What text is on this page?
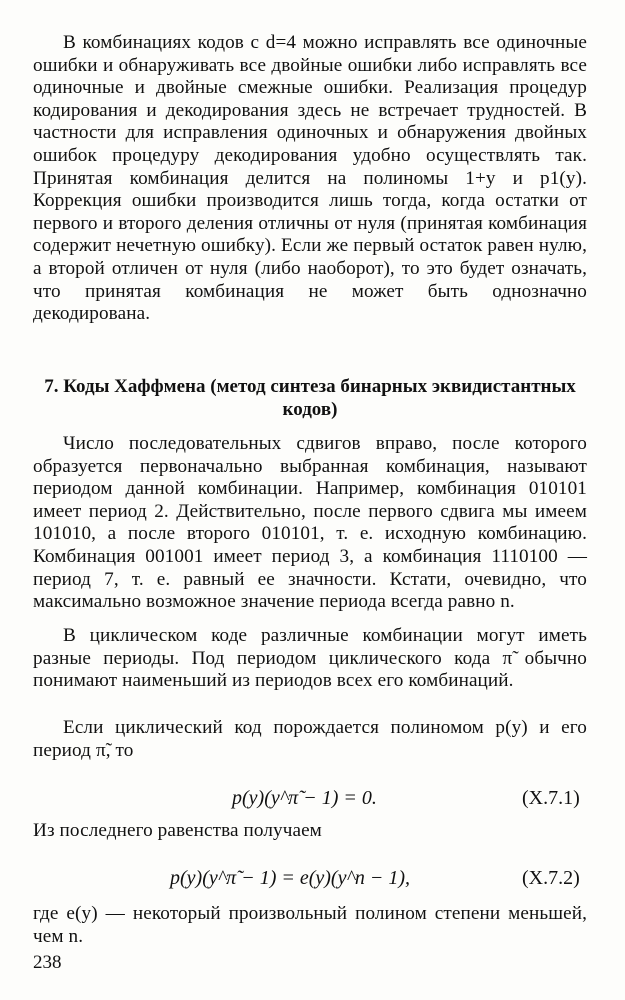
В комбинациях кодов с d=4 можно исправлять все одиночные ошибки и обнаруживать все двойные ошибки либо исправлять все одиночные и двойные смежные ошибки. Реализация процедур кодирования и декодирования здесь не встречает трудностей. В частности для исправления одиночных и обнаружения двойных ошибок процедуру декодирования удобно осуществлять так. Принятая комбинация делится на полиномы 1+y и p1(y). Коррекция ошибки производится лишь тогда, когда остатки от первого и второго деления отличны от нуля (принятая комбинация содержит нечетную ошибку). Если же первый остаток равен нулю, а второй отличен от нуля (либо наоборот), то это будет означать, что принятая комбинация не может быть однозначно декодирована.

7. Коды Хаффмена (метод синтеза бинарных эквидистантных кодов)

Число последовательных сдвигов вправо, после которого образуется первоначально выбранная комбинация, называют периодом данной комбинации. Например, комбинация 010101 имеет период 2. Действительно, после первого сдвига мы имеем 101010, а после второго 010101, т. е. исходную комбинацию. Комбинация 001001 имеет период 3, а комбинация 1110100 — период 7, т. е. равный ее значности. Кстати, очевидно, что максимально возможное значение периода всегда равно n.

В циклическом коде различные комбинации могут иметь разные периоды. Под периодом циклического кода π̃ обычно понимают наименьший из периодов всех его комбинаций.

Если циклический код порождается полиномом p(y) и его период π̃, то

p(y)(y^π̃ − 1) = 0.	(X.7.1)

Из последнего равенства получаем

p(y)(y^π̃ − 1) = e(y)(y^n − 1),	(X.7.2)

где e(y) — некоторый произвольный полином степени меньшей, чем n.

238
